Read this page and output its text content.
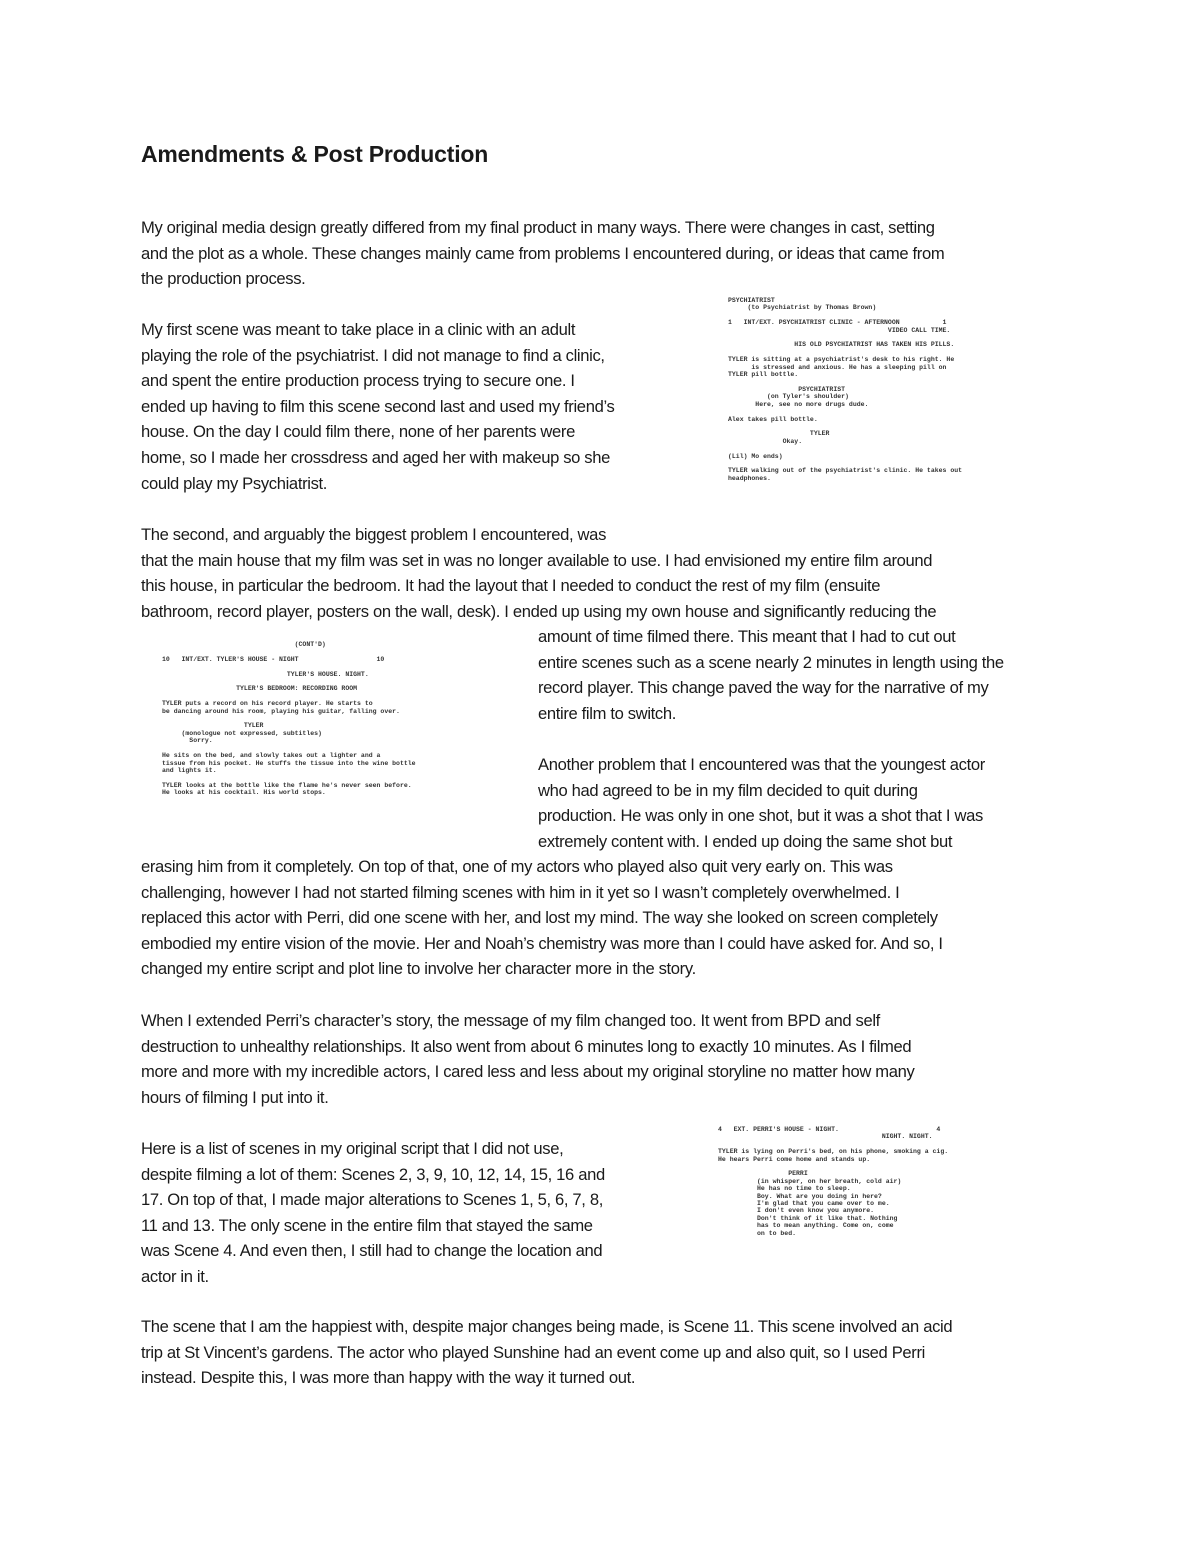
Amendments & Post Production

My original media design greatly differed from my final product in many ways. There were changes in cast, setting
and the plot as a whole. These changes mainly came from problems I encountered during, or ideas that came from
the production process.

My first scene was meant to take place in a clinic with an adult
playing the role of the psychiatrist. I did not manage to find a clinic,
and spent the entire production process trying to secure one. I
ended up having to film this scene second last and used my friend’s
house. On the day I could film there, none of her parents were
home, so I made her crossdress and aged her with makeup so she
could play my Psychiatrist.

PSYCHIATRIST
(to Psychiatrist by Thomas Brown)

1   INT/EXT. PSYCHIATRIST CLINIC - AFTERNOON           1
VIDEO CALL TIME.

HIS OLD PSYCHIATRIST HAS TAKEN HIS PILLS.

TYLER is sitting at a psychiatrist's desk to his right. He
is stressed and anxious. He has a sleeping pill on
TYLER pill bottle.

PSYCHIATRIST
(on Tyler's shoulder)
Here, see no more drugs dude.

Alex takes pill bottle.

TYLER
Okay.

(Lil) Mo ends)

TYLER walking out of the psychiatrist's clinic. He takes out
headphones.

The second, and arguably the biggest problem I encountered, was
that the main house that my film was set in was no longer available to use. I had envisioned my entire film around
this house, in particular the bedroom. It had the layout that I needed to conduct the rest of my film (ensuite
bathroom, record player, posters on the wall, desk). I ended up using my own house and significantly reducing the

(CONT'D)

10   INT/EXT. TYLER'S HOUSE - NIGHT                    10

TYLER'S HOUSE. NIGHT.

TYLER'S BEDROOM: RECORDING ROOM

TYLER puts a record on his record player. He starts to
be dancing around his room, playing his guitar, falling over.

TYLER
(monologue not expressed, subtitles)
Sorry.

He sits on the bed, and slowly takes out a lighter and a
tissue from his pocket. He stuffs the tissue into the wine bottle
and lights it.

TYLER looks at the bottle like the flame he's never seen before.
He looks at his cocktail. His world stops.

amount of time filmed there. This meant that I had to cut out
entire scenes such as a scene nearly 2 minutes in length using the
record player. This change paved the way for the narrative of my
entire film to switch.

Another problem that I encountered was that the youngest actor
who had agreed to be in my film decided to quit during
production. He was only in one shot, but it was a shot that I was
extremely content with. I ended up doing the same shot but

erasing him from it completely. On top of that, one of my actors who played also quit very early on. This was
challenging, however I had not started filming scenes with him in it yet so I wasn’t completely overwhelmed. I
replaced this actor with Perri, did one scene with her, and lost my mind. The way she looked on screen completely
embodied my entire vision of the movie. Her and Noah’s chemistry was more than I could have asked for. And so, I
changed my entire script and plot line to involve her character more in the story.

When I extended Perri’s character’s story, the message of my film changed too. It went from BPD and self
destruction to unhealthy relationships. It also went from about 6 minutes long to exactly 10 minutes. As I filmed
more and more with my incredible actors, I cared less and less about my original storyline no matter how many
hours of filming I put into it.

Here is a list of scenes in my original script that I did not use,
despite filming a lot of them: Scenes 2, 3, 9, 10, 12, 14, 15, 16 and
17. On top of that, I made major alterations to Scenes 1, 5, 6, 7, 8,
11 and 13. The only scene in the entire film that stayed the same
was Scene 4. And even then, I still had to change the location and
actor in it.

4   EXT. PERRI'S HOUSE - NIGHT.                         4
NIGHT. NIGHT.

TYLER is lying on Perri's bed, on his phone, smoking a cig.
He hears Perri come home and stands up.

PERRI
(in whisper, on her breath, cold air)
He has no time to sleep.
Boy. What are you doing in here?
I'm glad that you came over to me.
I don't even know you anymore.
Don't think of it like that. Nothing
has to mean anything. Come on, come
on to bed.

The scene that I am the happiest with, despite major changes being made, is Scene 11. This scene involved an acid
trip at St Vincent’s gardens. The actor who played Sunshine had an event come up and also quit, so I used Perri
instead. Despite this, I was more than happy with the way it turned out.
